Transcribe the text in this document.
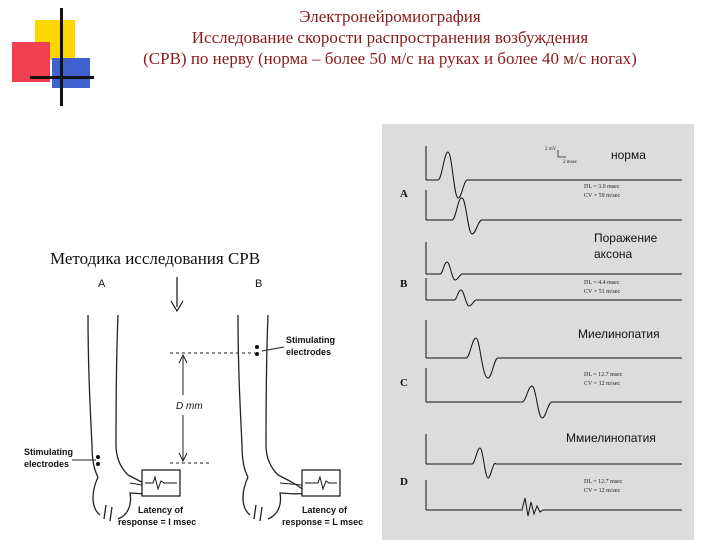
Электронейромиография
Исследование скорости распространения возбуждения
(СРВ) по нерву (норма – более 50 м/с на руках и более 40 м/с ногах)
Методика исследования СРВ
A	B
D mm
Stimulating electrodes
Stimulating electrodes
Latency of response = l msec
Latency of response = L msec
2 mV
2 msec
A
DL = 3.0 msec
CV = 59 m/sec
B	DL = 4.4 msec
CV = 51 m/sec
C
DL = 12.7 msec
CV = 12 m/sec
D	DL = 12.7 msec
CV = 12 m/sec
норма
Поражение
аксона
Миелинопатия
Ммиелинопатия
